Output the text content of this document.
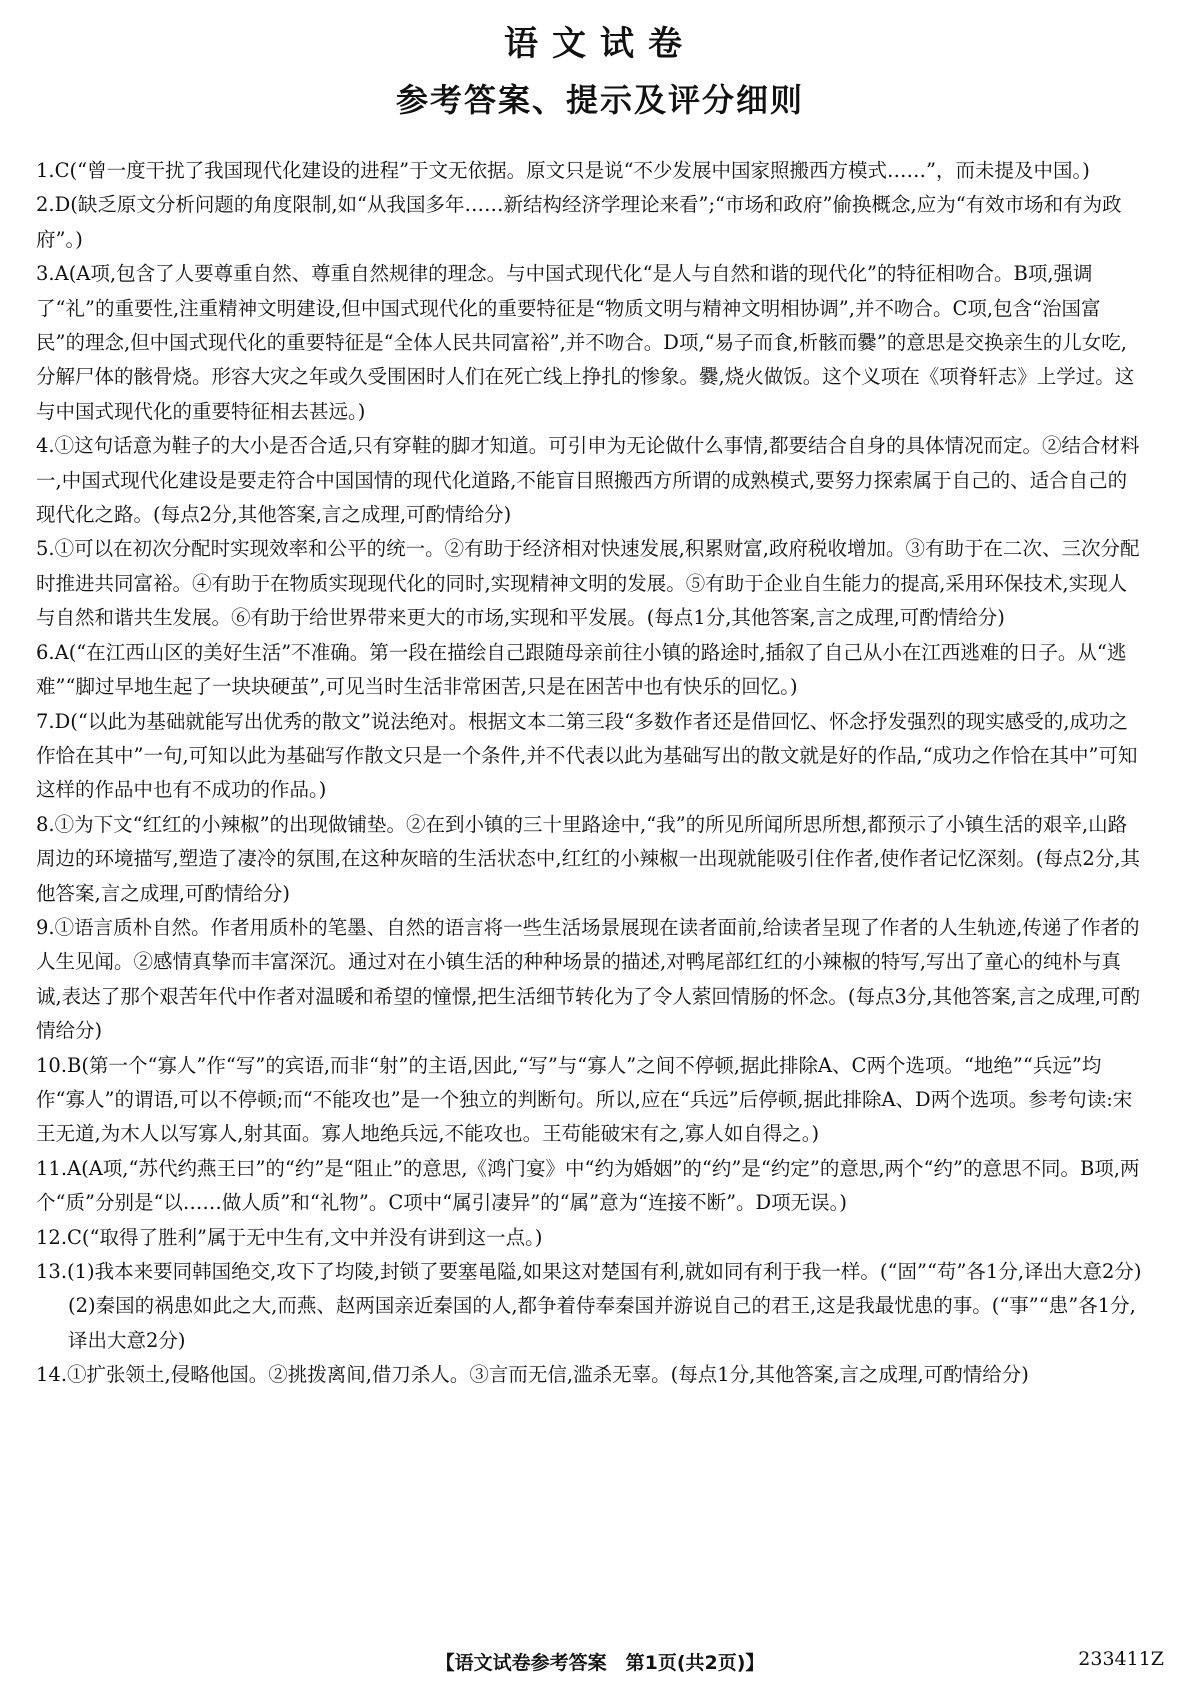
语文试卷
参考答案、提示及评分细则
1.C(“曾一度干扰了我国现代化建设的进程”于文无依据。原文只是说“不少发展中国家照搬西方模式……”，而未提及中国。)
2.D(缺乏原文分析问题的角度限制,如“从我国多年……新结构经济学理论来看”;“市场和政府”偷换概念,应为“有效市场和有为政府”。)
3.A(A项,包含了人要尊重自然、尊重自然规律的理念。与中国式现代化“是人与自然和谐的现代化”的特征相吻合。B项,强调了“礼”的重要性,注重精神文明建设,但中国式现代化的重要特征是“物质文明与精神文明相协调”,并不吻合。C项,包含“治国富民”的理念,但中国式现代化的重要特征是“全体人民共同富裕”,并不吻合。D项,“易子而食,析骸而爨”的意思是交换亲生的儿女吃,分解尸体的骸骨烧。形容大灾之年或久受围困时人们在死亡线上挣扎的惨象。爨,烧火做饭。这个义项在《项脊轩志》上学过。这与中国式现代化的重要特征相去甚远。)
4.①这句话意为鞋子的大小是否合适,只有穿鞋的脚才知道。可引申为无论做什么事情,都要结合自身的具体情况而定。②结合材料一,中国式现代化建设是要走符合中国国情的现代化道路,不能盲目照搬西方所谓的成熟模式,要努力探索属于自己的、适合自己的现代化之路。(每点2分,其他答案,言之成理,可酌情给分)
5.①可以在初次分配时实现效率和公平的统一。②有助于经济相对快速发展,积累财富,政府税收增加。③有助于在二次、三次分配时推进共同富裕。④有助于在物质实现现代化的同时,实现精神文明的发展。⑤有助于企业自生能力的提高,采用环保技术,实现人与自然和谐共生发展。⑥有助于给世界带来更大的市场,实现和平发展。(每点1分,其他答案,言之成理,可酌情给分)
6.A(“在江西山区的美好生活”不准确。第一段在描绘自己跟随母亲前往小镇的路途时,插叙了自己从小在江西逃难的日子。从“逃难”“脚过早地生起了一块块硬茧”,可见当时生活非常困苦,只是在困苦中也有快乐的回忆。)
7.D(“以此为基础就能写出优秀的散文”说法绝对。根据文本二第三段“多数作者还是借回忆、怀念抒发强烈的现实感受的,成功之作恰在其中”一句,可知以此为基础写作散文只是一个条件,并不代表以此为基础写出的散文就是好的作品,“成功之作恰在其中”可知这样的作品中也有不成功的作品。)
8.①为下文“红红的小辣椒”的出现做铺垫。②在到小镇的三十里路途中,“我”的所见所闻所思所想,都预示了小镇生活的艰辛,山路周边的环境描写,塑造了凄冷的氛围,在这种灰暗的生活状态中,红红的小辣椒一出现就能吸引住作者,使作者记忆深刻。(每点2分,其他答案,言之成理,可酌情给分)
9.①语言质朴自然。作者用质朴的笔墨、自然的语言将一些生活场景展现在读者面前,给读者呈现了作者的人生轨迹,传递了作者的人生见闻。②感情真挚而丰富深沉。通过对在小镇生活的种种场景的描述,对鸭尾部红红的小辣椒的特写,写出了童心的纯朴与真诚,表达了那个艰苦年代中作者对温暖和希望的憧憬,把生活细节转化为了令人萦回情肠的怀念。(每点3分,其他答案,言之成理,可酌情给分)
10.B(第一个“寡人”作“写”的宾语,而非“射”的主语,因此,“写”与“寡人”之间不停顿,据此排除A、C两个选项。“地绝”“兵远”均作“寡人”的谓语,可以不停顿;而“不能攻也”是一个独立的判断句。所以,应在“兵远”后停顿,据此排除A、D两个选项。参考句读:宋王无道,为木人以写寡人,射其面。寡人地绝兵远,不能攻也。王苟能破宋有之,寡人如自得之。)
11.A(A项,“苏代约燕王曰”的“约”是“阻止”的意思,《鸿门宴》中“约为婚姻”的“约”是“约定”的意思,两个“约”的意思不同。B项,两个“质”分别是“以……做人质”和“礼物”。C项中“属引凄异”的“属”意为“连接不断”。D项无误。)
12.C(“取得了胜利”属于无中生有,文中并没有讲到这一点。)
13.(1)我本来要同韩国绝交,攻下了均陵,封锁了要塞黾隘,如果这对楚国有利,就如同有利于我一样。(“固”“苟”各1分,译出大意2分)
(2)秦国的祸患如此之大,而燕、赵两国亲近秦国的人,都争着侍奉秦国并游说自己的君王,这是我最忧患的事。(“事”“患”各1分,译出大意2分)
14.①扩张领土,侵略他国。②挑拨离间,借刀杀人。③言而无信,滥杀无辜。(每点1分,其他答案,言之成理,可酌情给分)
【语文试卷参考答案　第1页(共2页)】	233411Z
